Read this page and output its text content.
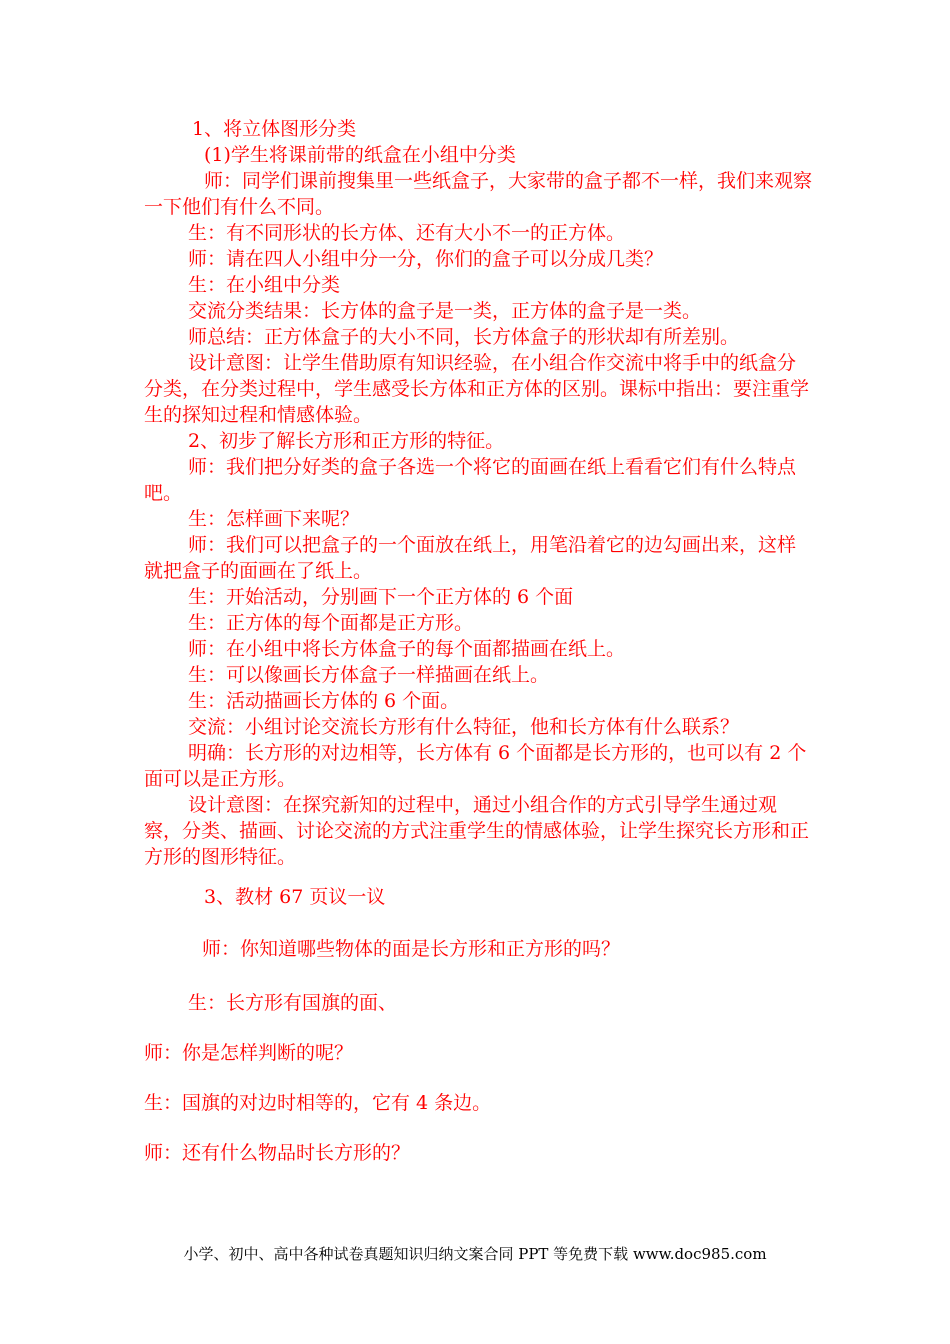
1、将立体图形分类

(1)学生将课前带的纸盒在小组中分类

师：同学们课前搜集里一些纸盒子，大家带的盒子都不一样，我们来观察一下他们有什么不同。

生：有不同形状的长方体、还有大小不一的正方体。

师：请在四人小组中分一分，你们的盒子可以分成几类？

生：在小组中分类

交流分类结果：长方体的盒子是一类，正方体的盒子是一类。

师总结：正方体盒子的大小不同，长方体盒子的形状却有所差别。

设计意图：让学生借助原有知识经验，在小组合作交流中将手中的纸盒分分类，在分类过程中，学生感受长方体和正方体的区别。课标中指出：要注重学生的探知过程和情感体验。

2、初步了解长方形和正方形的特征。

师：我们把分好类的盒子各选一个将它的面画在纸上看看它们有什么特点吧。

生：怎样画下来呢？

师：我们可以把盒子的一个面放在纸上，用笔沿着它的边勾画出来，这样就把盒子的面画在了纸上。

生：开始活动，分别画下一个正方体的 6 个面

生：正方体的每个面都是正方形。

师：在小组中将长方体盒子的每个面都描画在纸上。

生：可以像画长方体盒子一样描画在纸上。

生：活动描画长方体的 6 个面。

交流：小组讨论交流长方形有什么特征，他和长方体有什么联系？

明确：长方形的对边相等，长方体有 6 个面都是长方形的，也可以有 2 个面可以是正方形。

设计意图：在探究新知的过程中，通过小组合作的方式引导学生通过观察，分类、描画、讨论交流的方式注重学生的情感体验，让学生探究长方形和正方形的图形特征。

3、教材 67 页议一议

师：你知道哪些物体的面是长方形和正方形的吗？

生：长方形有国旗的面、

师：你是怎样判断的呢？

生：国旗的对边时相等的，它有 4 条边。

师：还有什么物品时长方形的？

小学、初中、高中各种试卷真题知识归纳文案合同 PPT 等免费下载 www.doc985.com
